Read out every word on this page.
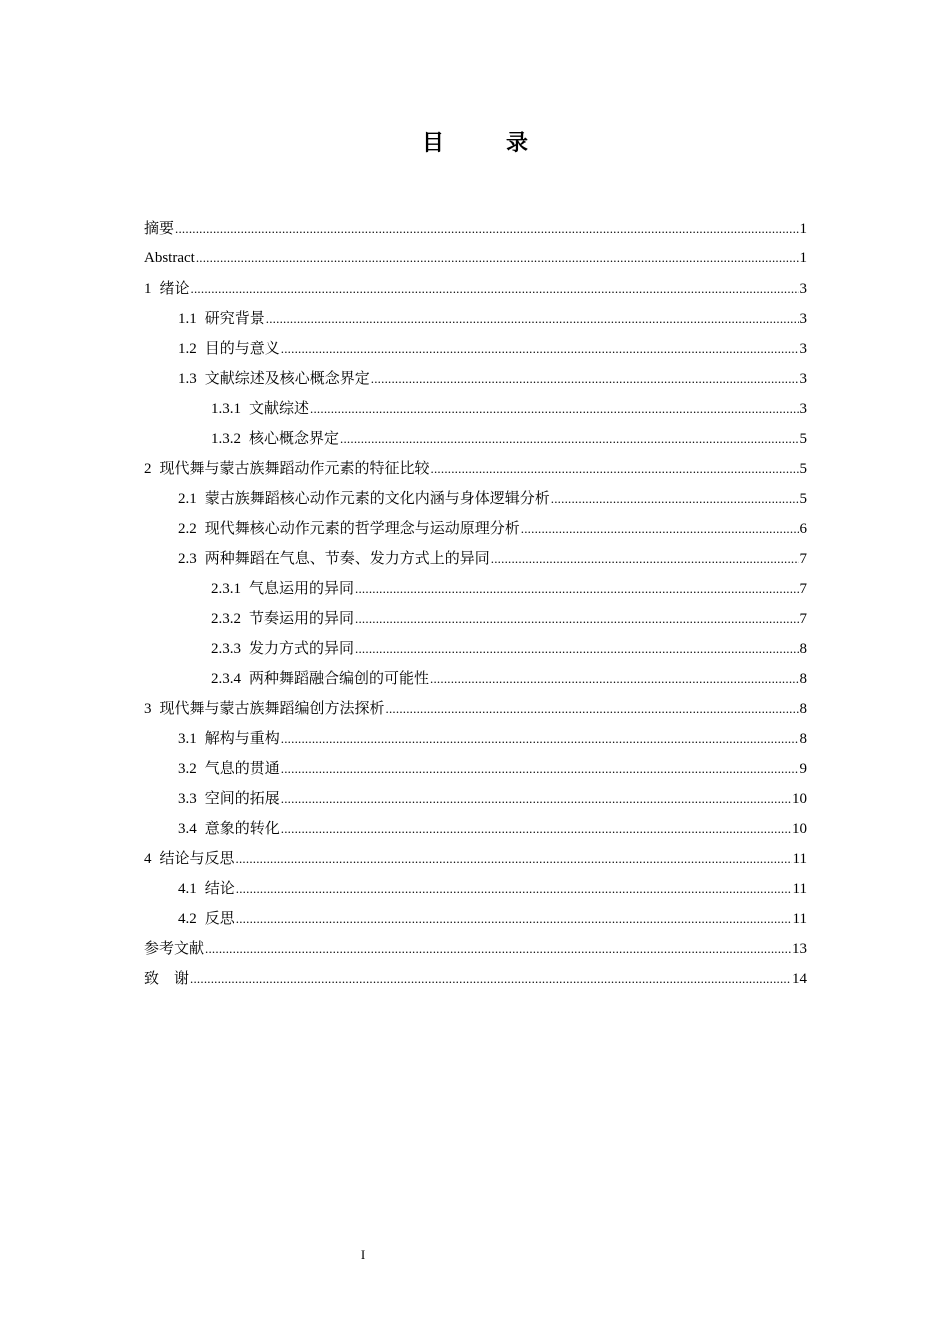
目　录
摘要 .....	1
Abstract .....	1
1 绪论 .....	3
1.1 研究背景 .....	3
1.2 目的与意义 .....	3
1.3 文献综述及核心概念界定 .....	3
1.3.1 文献综述 .....	3
1.3.2 核心概念界定 .....	5
2 现代舞与蒙古族舞蹈动作元素的特征比较 .....	5
2.1 蒙古族舞蹈核心动作元素的文化内涵与身体逻辑分析 .....	5
2.2 现代舞核心动作元素的哲学理念与运动原理分析 .....	6
2.3 两种舞蹈在气息、节奏、发力方式上的异同 .....	7
2.3.1 气息运用的异同 .....	7
2.3.2 节奏运用的异同 .....	7
2.3.3 发力方式的异同 .....	8
2.3.4 两种舞蹈融合编创的可能性 .....	8
3 现代舞与蒙古族舞蹈编创方法探析 .....	8
3.1 解构与重构 .....	8
3.2 气息的贯通 .....	9
3.3 空间的拓展 .....	10
3.4 意象的转化 .....	10
4 结论与反思 .....	11
4.1 结论 .....	11
4.2 反思 .....	11
参考文献 .....	13
致　谢 .....	14
I
